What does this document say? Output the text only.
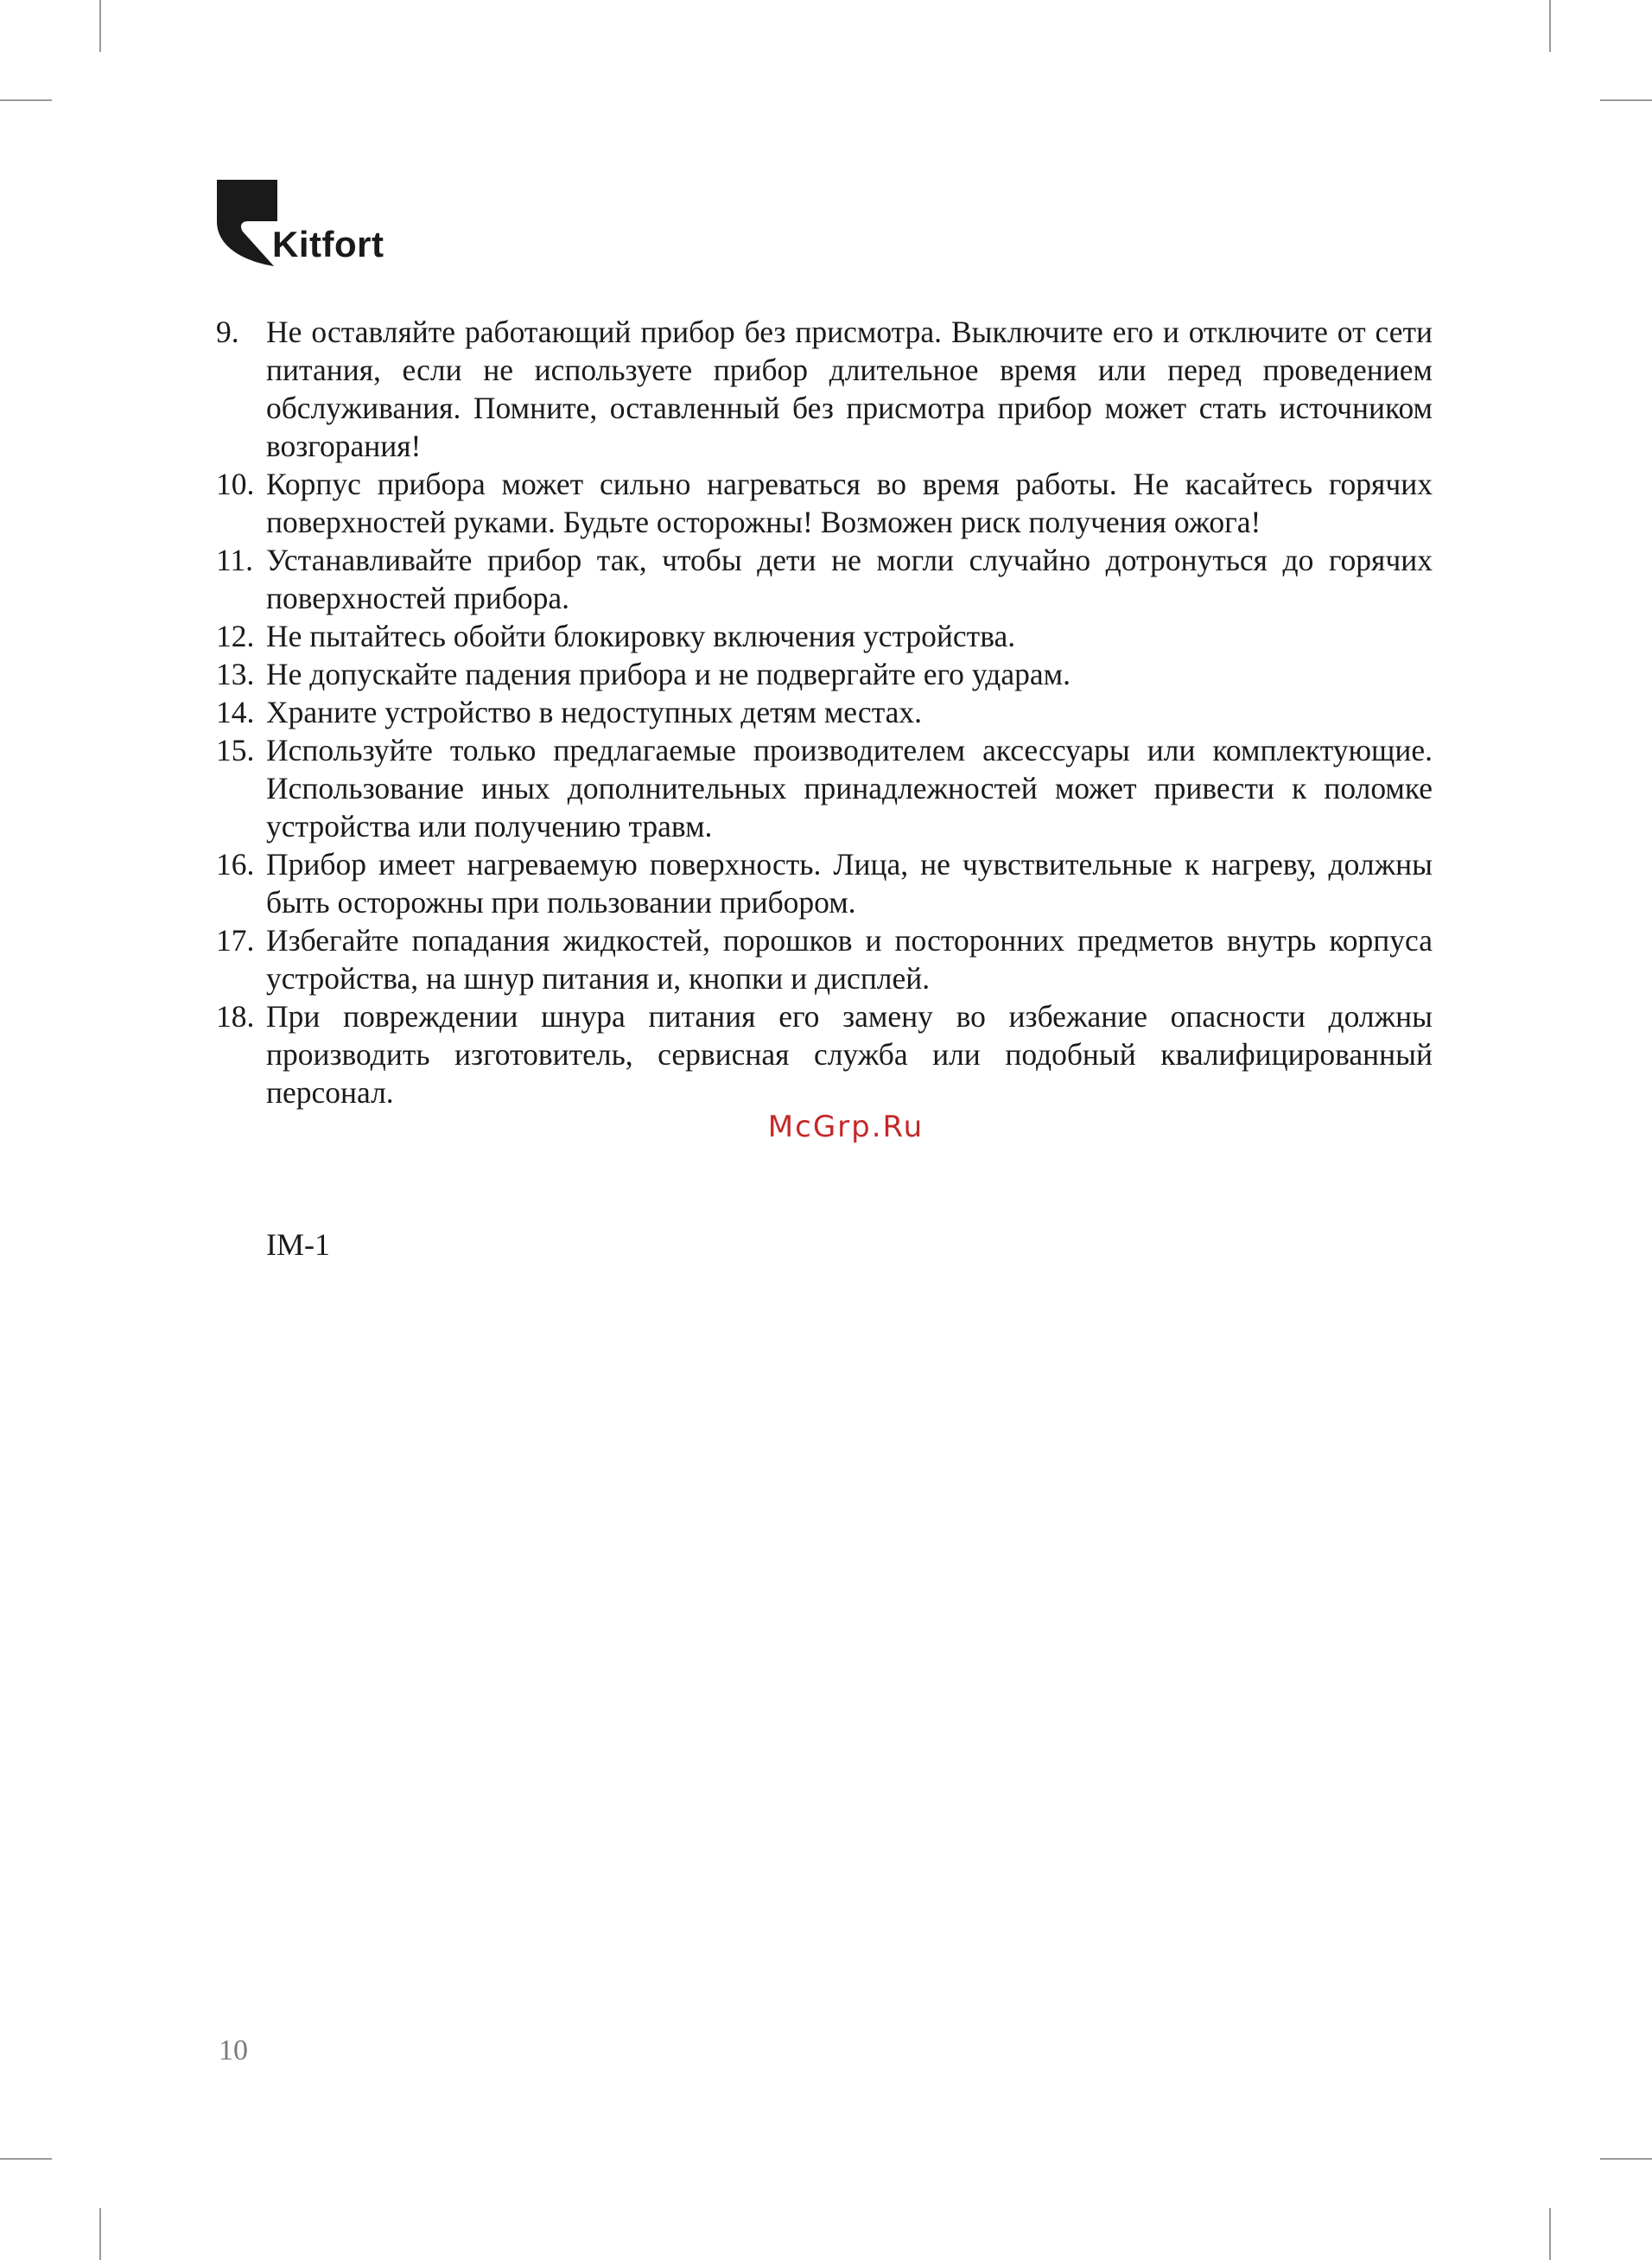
Kitfort
9. Не оставляйте работающий прибор без присмотра. Выключите его и отключите от сети питания, если не используете прибор длительное время или перед проведением обслуживания. Помните, оставленный без присмотра прибор может стать источником возгорания!
10. Корпус прибора может сильно нагреваться во время работы. Не касайтесь горячих поверхностей руками. Будьте осторожны! Возможен риск получения ожога!
11. Устанавливайте прибор так, чтобы дети не могли случайно дотронуться до горячих поверхностей прибора.
12. Не пытайтесь обойти блокировку включения устройства.
13. Не допускайте падения прибора и не подвергайте его ударам.
14. Храните устройство в недоступных детям местах.
15. Используйте только предлагаемые производителем аксессуары или комплектующие. Использование иных дополнительных принадлежностей может привести к поломке устройства или получению травм.
16. Прибор имеет нагреваемую поверхность. Лица, не чувствительные к нагреву, должны быть осторожны при пользовании прибором.
17. Избегайте попадания жидкостей, порошков и посторонних предметов внутрь корпуса устройства, на шнур питания и, кнопки и дисплей.
18. При повреждении шнура питания его замену во избежание опасности должны производить изготовитель, сервисная служба или подобный квалифицированный персонал.
McGrp.Ru
IM-1
10
